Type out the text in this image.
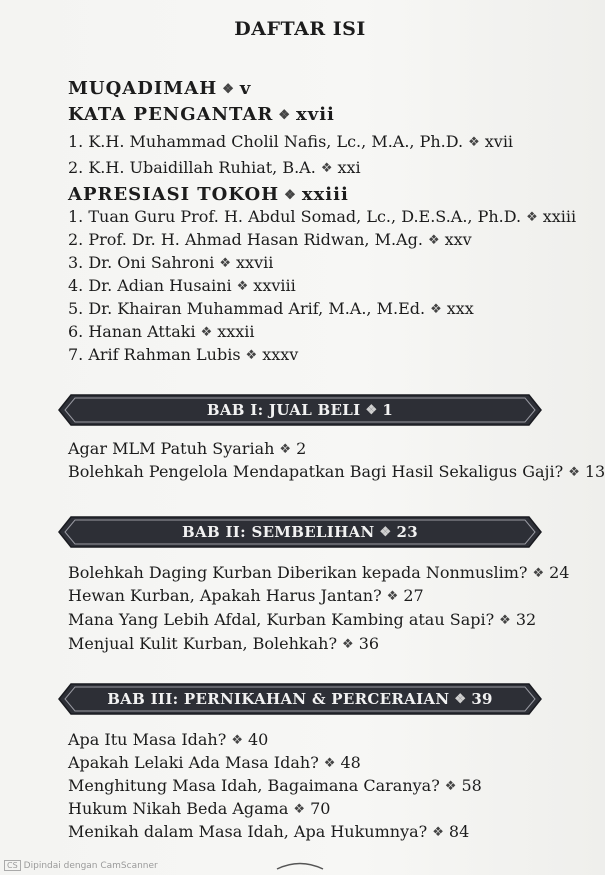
DAFTAR ISI
MUQADIMAH ❖ v
KATA PENGANTAR ❖ xvii
1. K.H. Muhammad Cholil Nafis, Lc., M.A., Ph.D. ❖ xvii
2. K.H. Ubaidillah Ruhiat, B.A. ❖ xxi
APRESIASI TOKOH ❖ xxiii
1. Tuan Guru Prof. H. Abdul Somad, Lc., D.E.S.A., Ph.D. ❖ xxiii
2. Prof. Dr. H. Ahmad Hasan Ridwan, M.Ag. ❖ xxv
3. Dr. Oni Sahroni ❖ xxvii
4. Dr. Adian Husaini ❖ xxviii
5. Dr. Khairan Muhammad Arif, M.A., M.Ed. ❖ xxx
6. Hanan Attaki ❖ xxxii
7. Arif Rahman Lubis ❖ xxxv
BAB I: JUAL BELI ❖ 1
Agar MLM Patuh Syariah ❖ 2
Bolehkah Pengelola Mendapatkan Bagi Hasil Sekaligus Gaji? ❖ 13
BAB II: SEMBELIHAN ❖ 23
Bolehkah Daging Kurban Diberikan kepada Nonmuslim? ❖ 24
Hewan Kurban, Apakah Harus Jantan? ❖ 27
Mana Yang Lebih Afdal, Kurban Kambing atau Sapi? ❖ 32
Menjual Kulit Kurban, Bolehkah? ❖ 36
BAB III: PERNIKAHAN & PERCERAIAN ❖ 39
Apa Itu Masa Idah? ❖ 40
Apakah Lelaki Ada Masa Idah? ❖ 48
Menghitung Masa Idah, Bagaimana Caranya? ❖ 58
Hukum Nikah Beda Agama ❖ 70
Menikah dalam Masa Idah, Apa Hukumnya? ❖ 84
CS Dipindai dengan CamScanner
